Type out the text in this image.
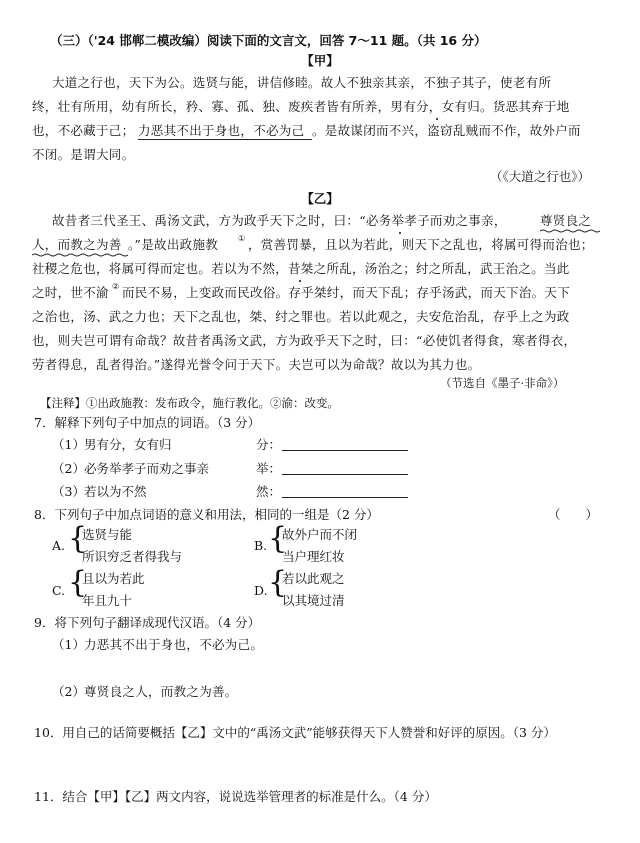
（三）（'24 邯郸二模改编）阅读下面的文言文，回答 7～11 题。（共 16 分）
【甲】
大道之行也，天下为公。选贤与能，讲信修睦。故人不独亲其亲，不独子其子，使老有所
终，壮有所用，幼有所长，矜、寡、孤、独、废疾者皆有所养，男有分，女有归。货恶其弃于地
也，不必藏于己； 力恶其不出于身也，不必为己 。是故谋闭而不兴，盗窃乱贼而不作，故外户而
不闭。是谓大同。
（《大道之行也》）
【乙】
故昔者三代圣王、禹汤文武，方为政乎天下之时，曰：“必务举孝子而劝之事亲，	尊贤良之
人，而教之为善 。”是故出政施教 ① ，赏善罚暴，且以为若此，则天下之乱也，将属可得而治也；
社稷之危也，将属可得而定也。若以为不然，昔桀之所乱，汤治之；纣之所乱，武王治之。当此
之时，世不渝 ② 而民不易，上变政而民改俗。存乎桀纣，而天下乱；存乎汤武，而天下治。天下
之治也，汤、武之力也；天下之乱也，桀、纣之罪也。若以此观之，夫安危治乱，存乎上之为政
也，则夫岂可谓有命哉？故昔者禹汤文武，方为政乎天下之时，曰：“必使饥者得食，寒者得衣，
劳者得息，乱者得治。”遂得光誉令问于天下。夫岂可以为命哉？故以为其力也。
（节选自《墨子·非命》）
【注释】①出政施教：发布政令，施行教化。②渝：改变。
7．解释下列句子中加点的词语。（3 分）
（1） 男有分，女有归	分：
（2） 必务举孝子而劝之事亲	举：
（3） 若以为不然	然：
8．下列句子中加点词语的意义和用法，相同的一组是（2 分）	（　　）
A. {
选贤与能
所识穷乏者得我与
B. {
故外户而不闭
当户理红妆
C. {
且以为若此
年且九十
D. {
若以此观之
以其境过清
9．将下列句子翻译成现代汉语。（4 分）
（1） 力恶其不出于身也，不必为己。
（2） 尊贤良之人，而教之为善。
10．用自己的话简要概括【乙】文中的“禹汤文武”能够获得天下人赞誉和好评的原因。（3 分）
11．结合【甲】【乙】两文内容，说说选举管理者的标准是什么。（4 分）
